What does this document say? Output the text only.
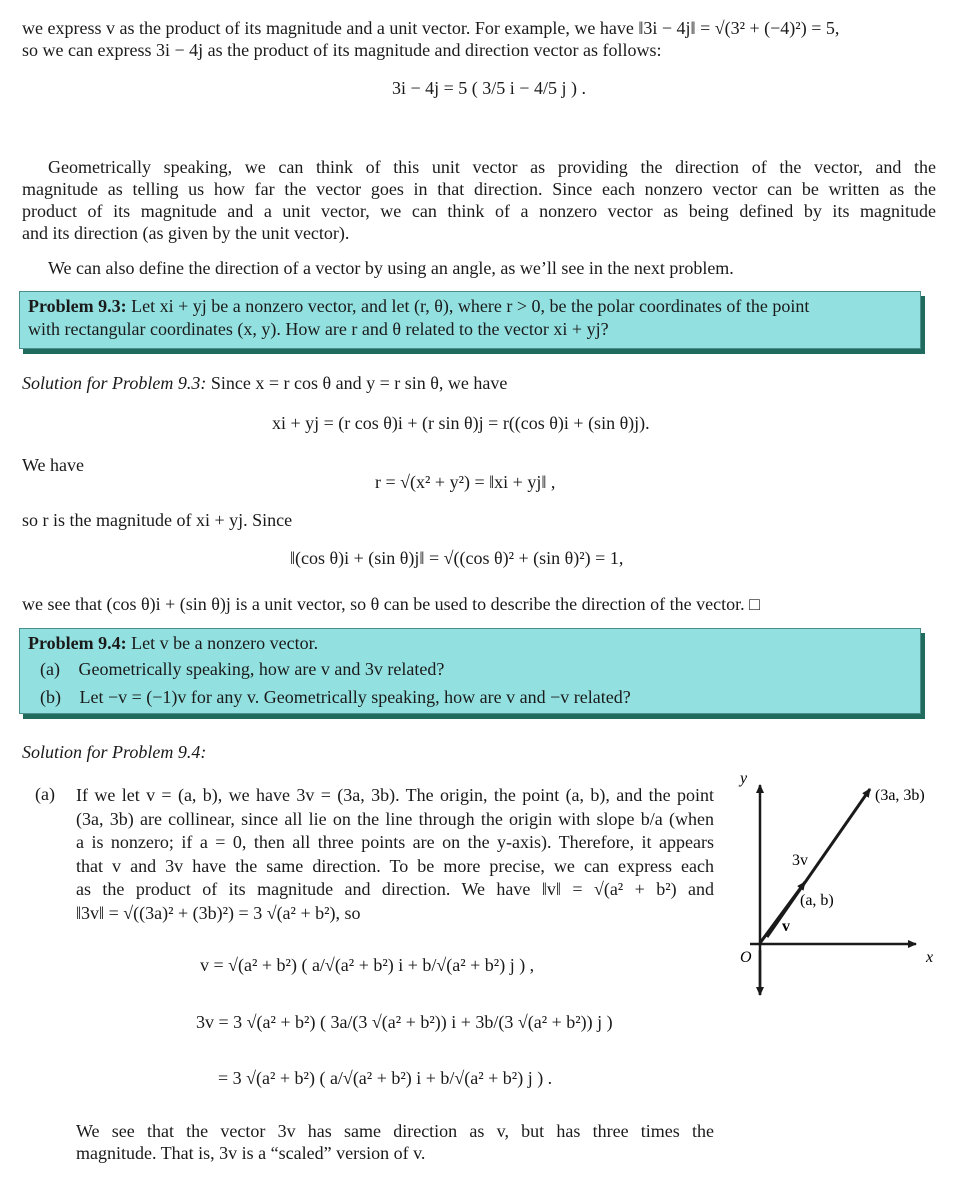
we express v as the product of its magnitude and a unit vector. For example, we have ‖3i − 4j‖ = √(3² + (−4)²) = 5,
so we can express 3i − 4j as the product of its magnitude and direction vector as follows:
3i − 4j = 5 ( 3/5 i − 4/5 j ) .
Geometrically speaking, we can think of this unit vector as providing the direction of the vector, and the
magnitude as telling us how far the vector goes in that direction. Since each nonzero vector can be written as the
product of its magnitude and a unit vector, we can think of a nonzero vector as being defined by its magnitude
and its direction (as given by the unit vector).
We can also define the direction of a vector by using an angle, as we’ll see in the next problem.
Problem 9.3: Let xi + yj be a nonzero vector, and let (r, θ), where r > 0, be the polar coordinates of the point
with rectangular coordinates (x, y). How are r and θ related to the vector xi + yj?
Solution for Problem 9.3: Since x = r cos θ and y = r sin θ, we have
xi + yj = (r cos θ)i + (r sin θ)j = r((cos θ)i + (sin θ)j).
We have
r = √(x² + y²) = ‖xi + yj‖ ,
so r is the magnitude of xi + yj. Since
‖(cos θ)i + (sin θ)j‖ = √((cos θ)² + (sin θ)²) = 1,
we see that (cos θ)i + (sin θ)j is a unit vector, so θ can be used to describe the direction of the vector. □
Problem 9.4: Let v be a nonzero vector.
(a) Geometrically speaking, how are v and 3v related?
(b) Let −v = (−1)v for any v. Geometrically speaking, how are v and −v related?
Solution for Problem 9.4:
(a) If we let v = (a, b), we have 3v = (3a, 3b). The origin, the point (a, b), and the point
(3a, 3b) are collinear, since all lie on the line through the origin with slope b/a (when
a is nonzero; if a = 0, then all three points are on the y-axis). Therefore, it appears
that v and 3v have the same direction. To be more precise, we can express each
as the product of its magnitude and direction. We have ‖v‖ = √(a² + b²) and
‖3v‖ = √((3a)² + (3b)²) = 3 √(a² + b²), so
v = √(a² + b²) ( a/√(a² + b²) i + b/√(a² + b²) j ) ,
3v = 3 √(a² + b²) ( 3a/(3 √(a² + b²)) i + 3b/(3 √(a² + b²)) j )
= 3 √(a² + b²) ( a/√(a² + b²) i + b/√(a² + b²) j ) .
We see that the vector 3v has same direction as v, but has three times the
magnitude. That is, 3v is a “scaled” version of v.
y
x
O
(3a, 3b)
(a, b)
3v
v
